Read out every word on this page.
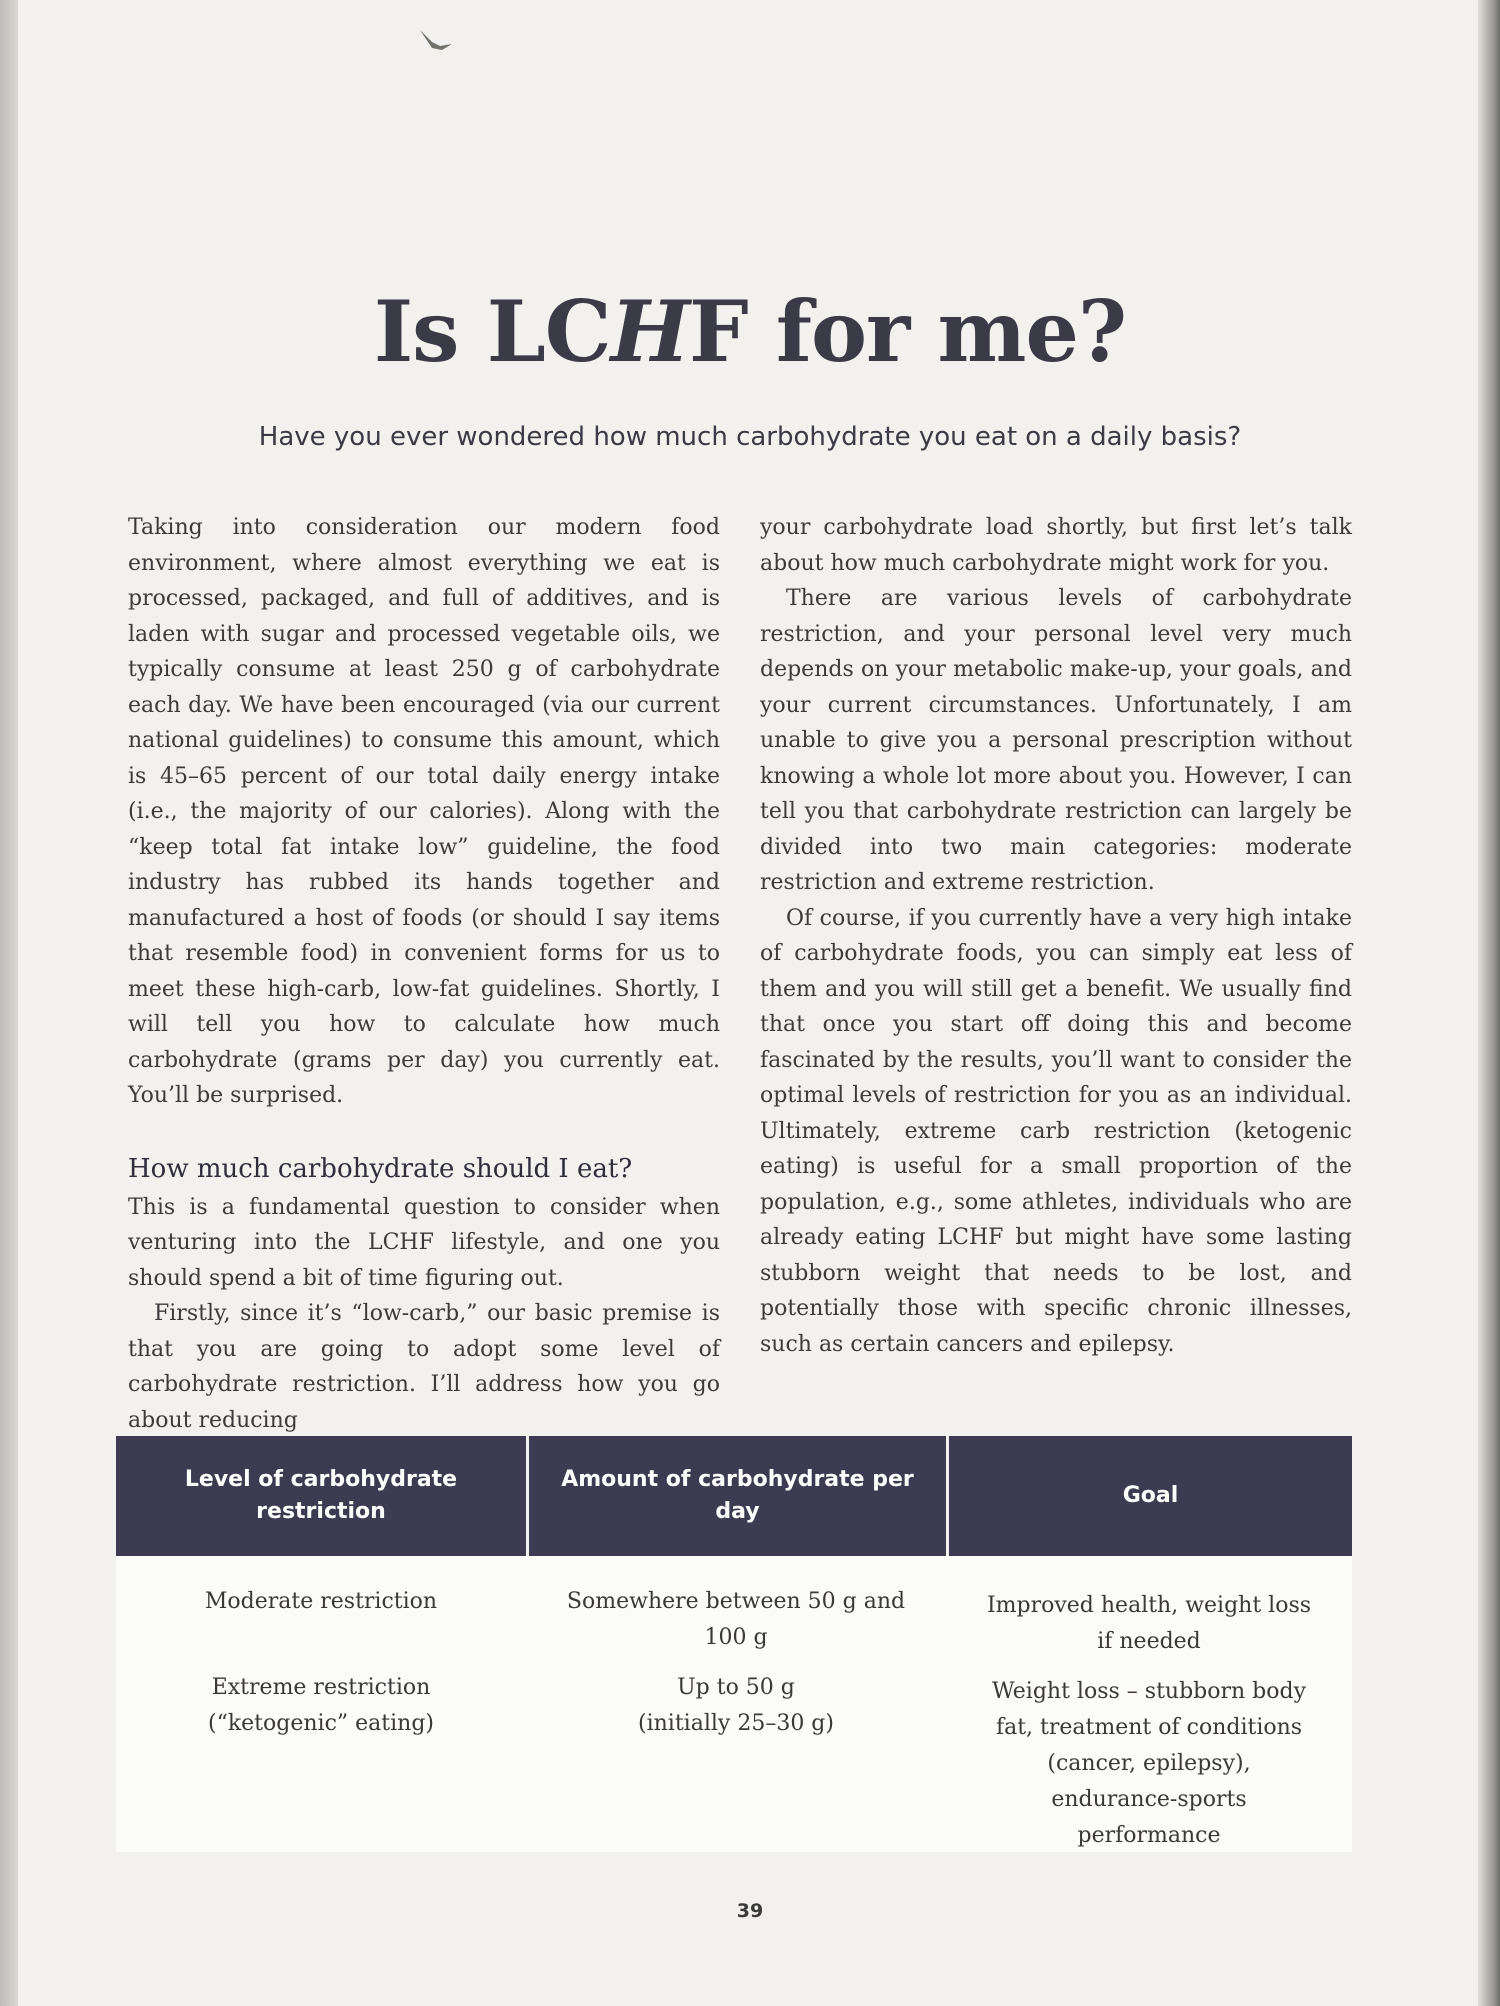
Is LCHF for me?

Have you ever wondered how much carbohydrate you eat on a daily basis?

Taking into consideration our modern food environment, where almost everything we eat is processed, packaged, and full of additives, and is laden with sugar and processed vegetable oils, we typically consume at least 250 g of carbohydrate each day. We have been encouraged (via our current national guidelines) to consume this amount, which is 45–65 percent of our total daily energy intake (i.e., the majority of our calories). Along with the “keep total fat intake low” guideline, the food industry has rubbed its hands together and manufactured a host of foods (or should I say items that resemble food) in convenient forms for us to meet these high-carb, low-fat guidelines. Shortly, I will tell you how to calculate how much carbohydrate (grams per day) you currently eat. You’ll be surprised.

How much carbohydrate should I eat?

This is a fundamental question to consider when venturing into the LCHF lifestyle, and one you should spend a bit of time figuring out.

Firstly, since it’s “low-carb,” our basic premise is that you are going to adopt some level of carbohydrate restriction. I’ll address how you go about reducing

your carbohydrate load shortly, but first let’s talk about how much carbohydrate might work for you.

There are various levels of carbohydrate restriction, and your personal level very much depends on your metabolic make-up, your goals, and your current circumstances. Unfortunately, I am unable to give you a personal prescription without knowing a whole lot more about you. However, I can tell you that carbohydrate restriction can largely be divided into two main categories: moderate restriction and extreme restriction.

Of course, if you currently have a very high intake of carbohydrate foods, you can simply eat less of them and you will still get a benefit. We usually find that once you start off doing this and become fascinated by the results, you’ll want to consider the optimal levels of restriction for you as an individual. Ultimately, extreme carb restriction (ketogenic eating) is useful for a small proportion of the population, e.g., some athletes, individuals who are already eating LCHF but might have some lasting stubborn weight that needs to be lost, and potentially those with specific chronic illnesses, such as certain cancers and epilepsy.

Level of carbohydrate restriction
Amount of carbohydrate per day
Goal
Moderate restriction	Somewhere between 50 g and 100 g
Improved health, weight loss if needed
Extreme restriction (“ketogenic” eating)
Up to 50 g
(initially 25–30 g)
Weight loss – stubborn body fat, treatment of conditions (cancer, epilepsy), endurance-sports performance
39
